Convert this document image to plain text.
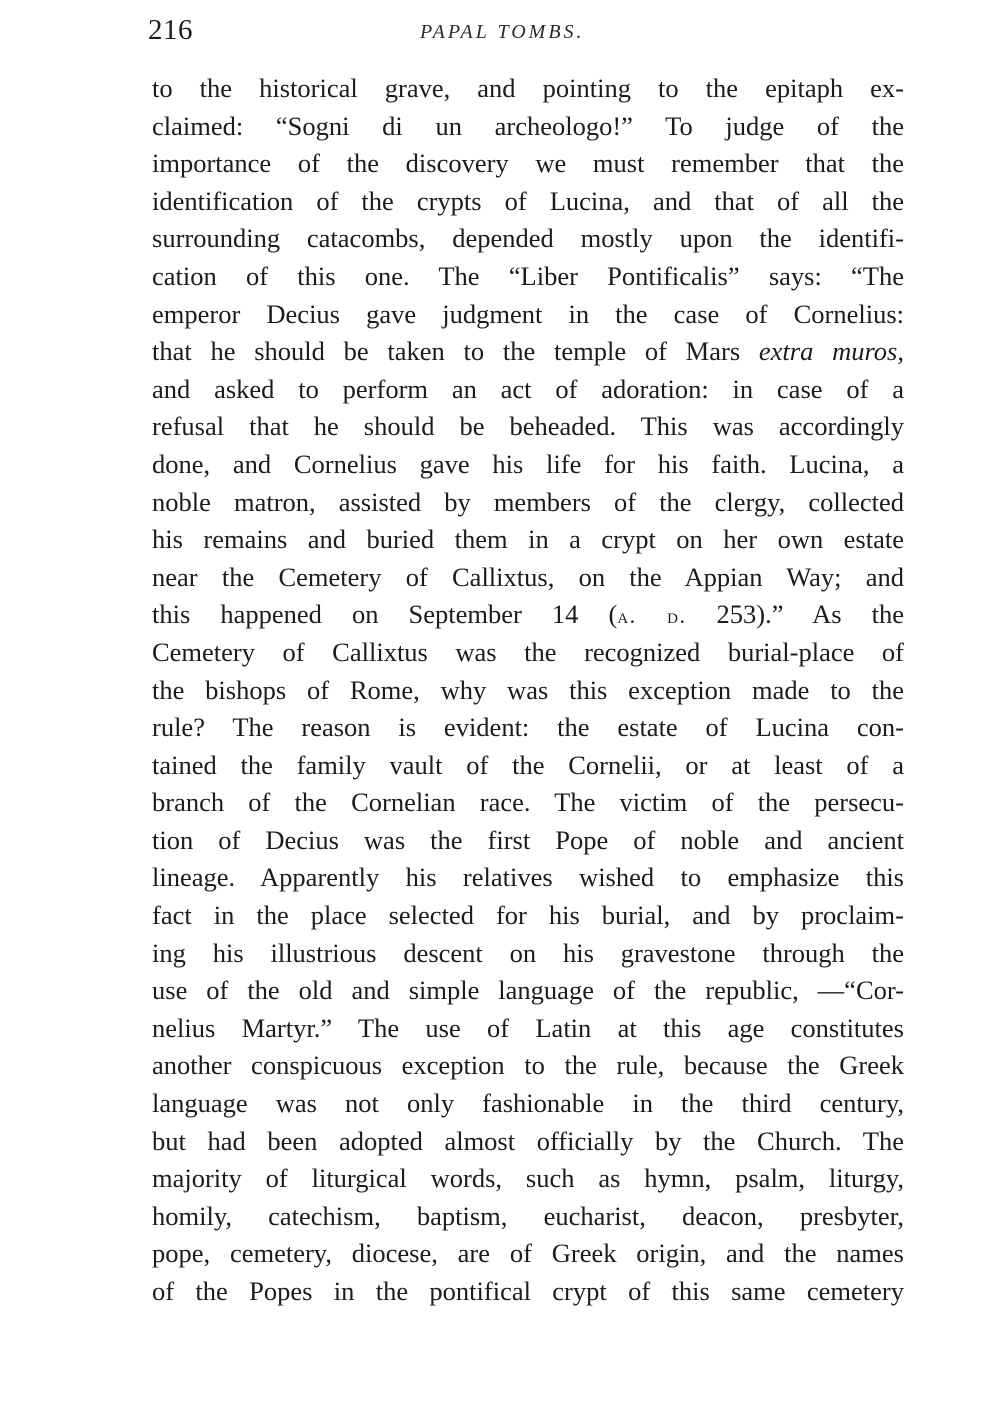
216	PAPAL TOMBS.
to the historical grave, and pointing to the epitaph ex-
claimed: “Sogni di un archeologo!” To judge of the
importance of the discovery we must remember that the
identification of the crypts of Lucina, and that of all the
surrounding catacombs, depended mostly upon the identifi-
cation of this one. The “Liber Pontificalis” says: “The
emperor Decius gave judgment in the case of Cornelius:
that he should be taken to the temple of Mars extra muros,
and asked to perform an act of adoration: in case of a
refusal that he should be beheaded. This was accordingly
done, and Cornelius gave his life for his faith. Lucina, a
noble matron, assisted by members of the clergy, collected
his remains and buried them in a crypt on her own estate
near the Cemetery of Callixtus, on the Appian Way; and
this happened on September 14 (a. d. 253).” As the
Cemetery of Callixtus was the recognized burial-place of
the bishops of Rome, why was this exception made to the
rule? The reason is evident: the estate of Lucina con-
tained the family vault of the Cornelii, or at least of a
branch of the Cornelian race. The victim of the persecu-
tion of Decius was the first Pope of noble and ancient
lineage. Apparently his relatives wished to emphasize this
fact in the place selected for his burial, and by proclaim-
ing his illustrious descent on his gravestone through the
use of the old and simple language of the republic, —“Cor-
nelius Martyr.” The use of Latin at this age constitutes
another conspicuous exception to the rule, because the Greek
language was not only fashionable in the third century,
but had been adopted almost officially by the Church. The
majority of liturgical words, such as hymn, psalm, liturgy,
homily, catechism, baptism, eucharist, deacon, presbyter,
pope, cemetery, diocese, are of Greek origin, and the names
of the Popes in the pontifical crypt of this same cemetery
